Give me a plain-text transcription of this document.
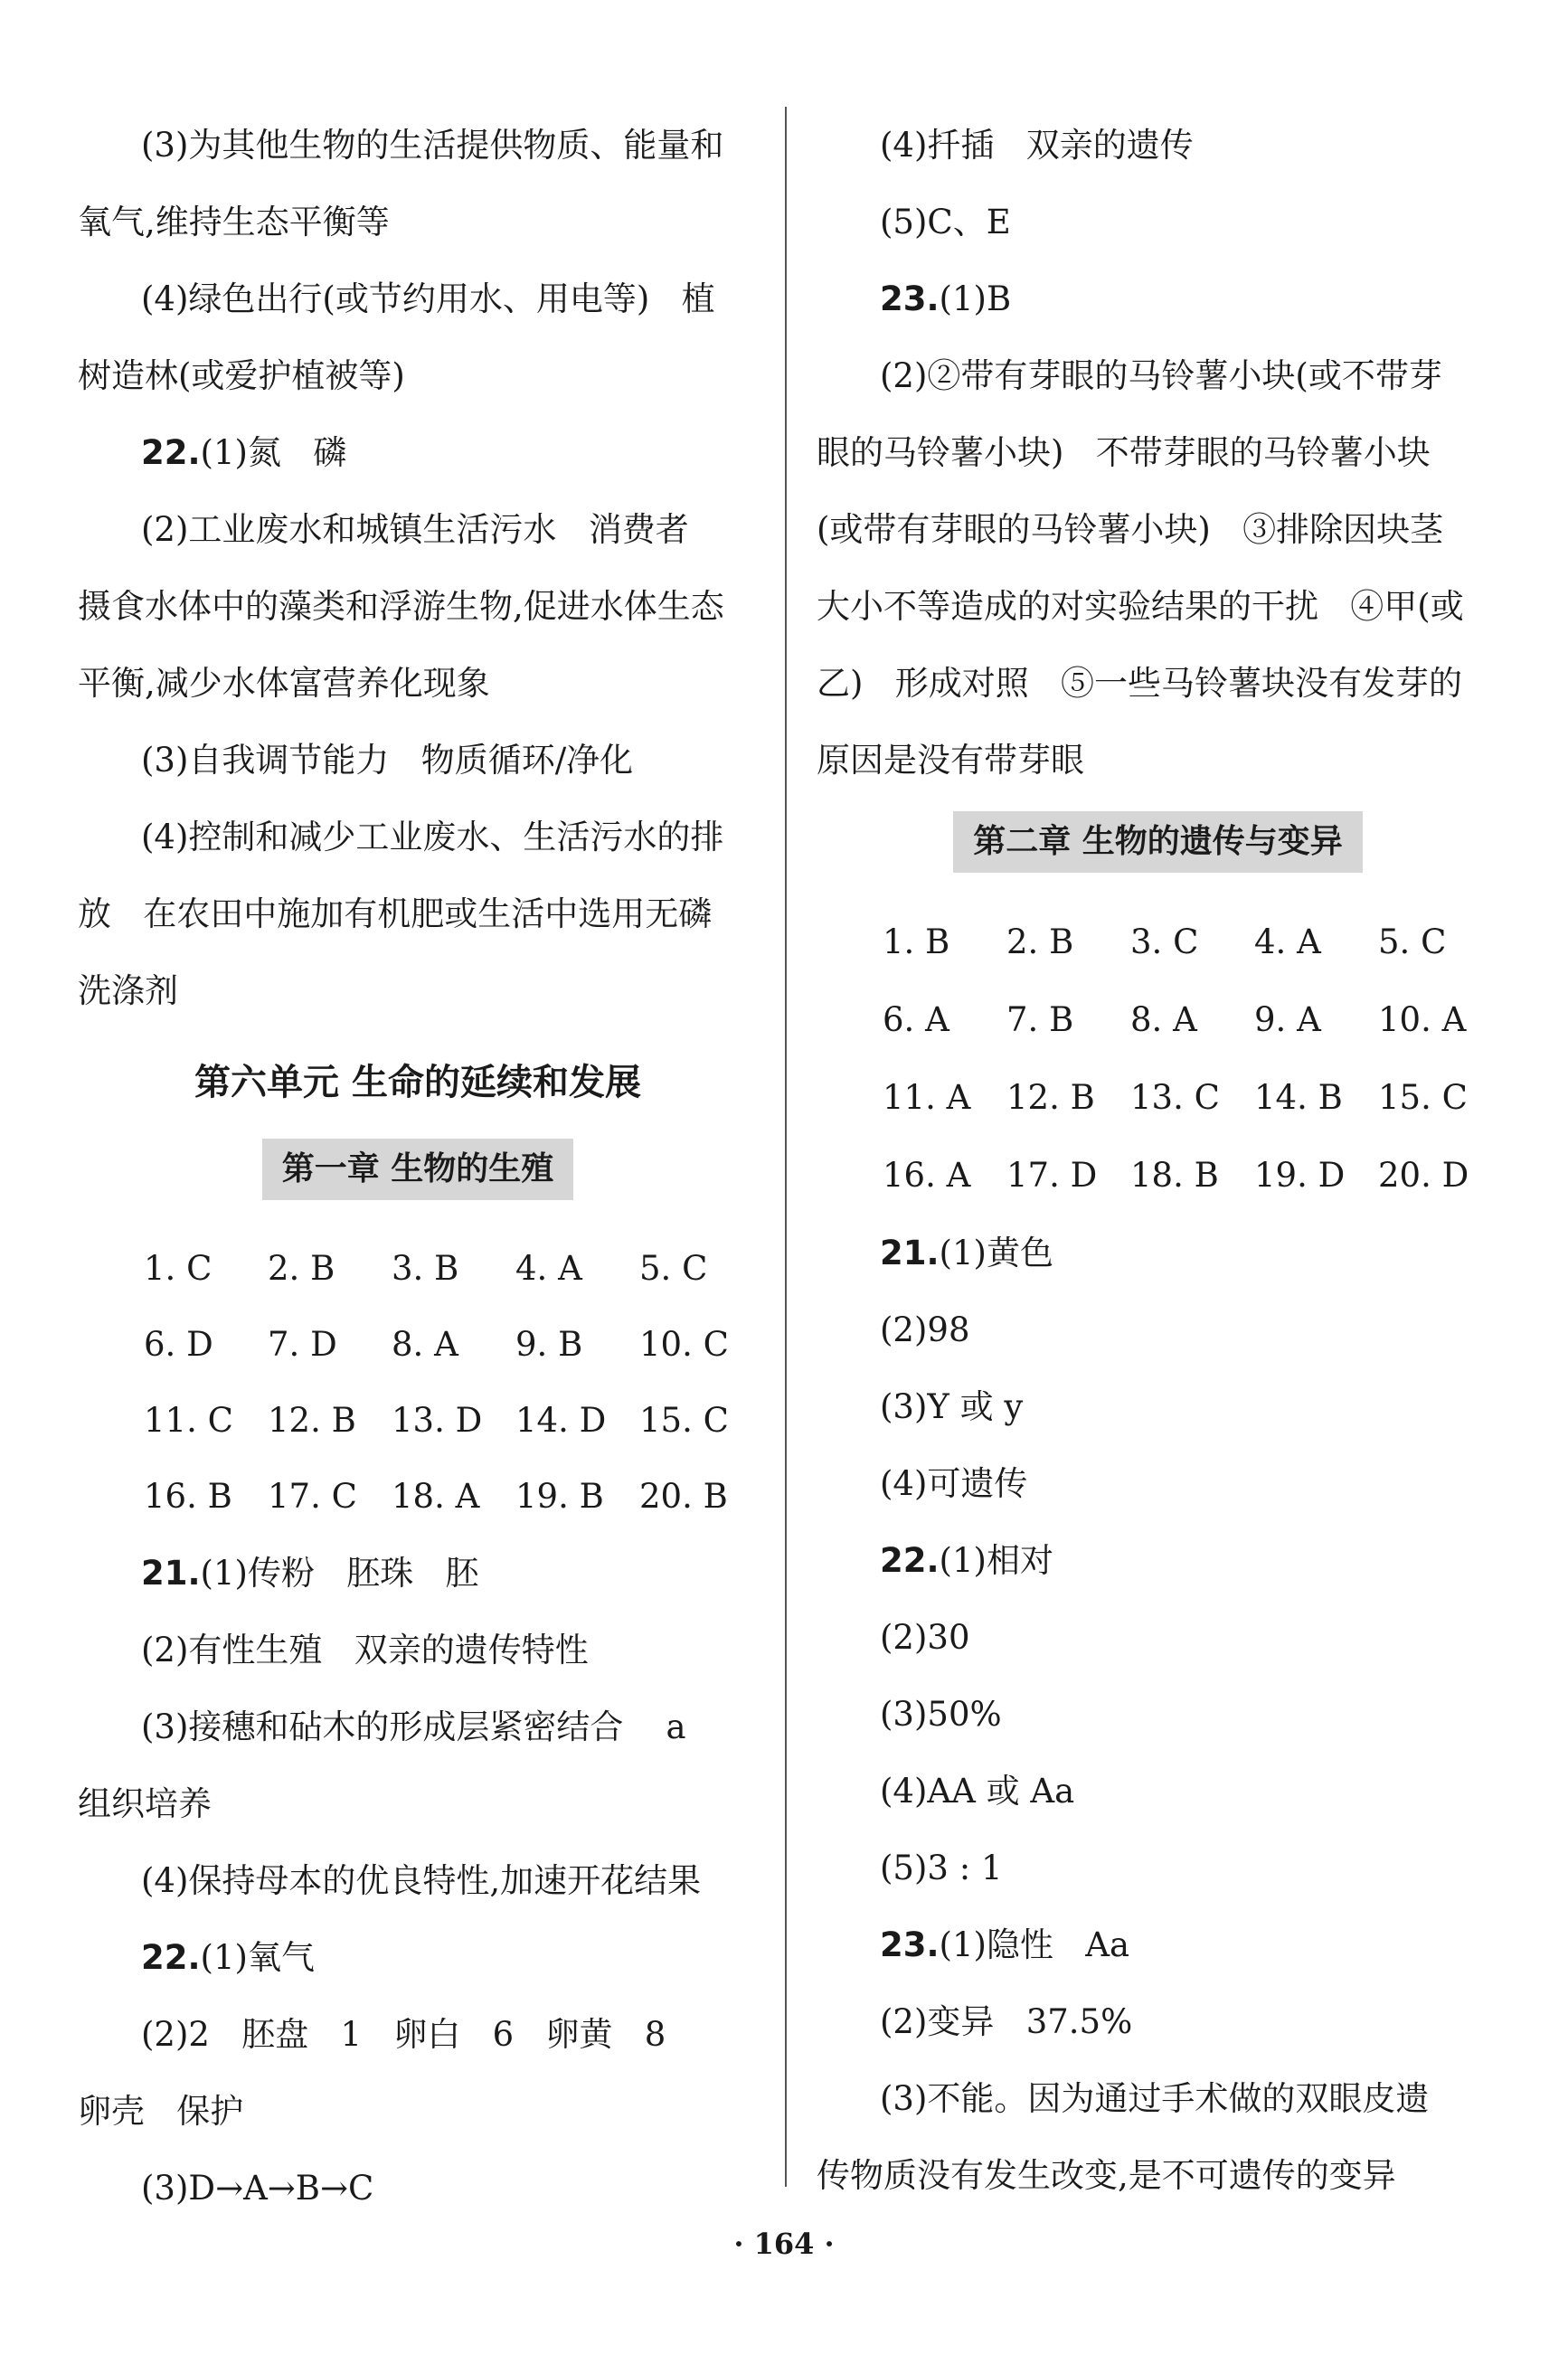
(3)为其他生物的生活提供物质、能量和
氧气,维持生态平衡等
(4)绿色出行(或节约用水、用电等)   植
树造林(或爱护植被等)
22.(1)氮   磷
(2)工业废水和城镇生活污水   消费者
摄食水体中的藻类和浮游生物,促进水体生态
平衡,减少水体富营养化现象
(3)自我调节能力   物质循环/净化
(4)控制和减少工业废水、生活污水的排
放   在农田中施加有机肥或生活中选用无磷
洗涤剂
第六单元 生命的延续和发展
第一章 生物的生殖
1. C	2. B	3. B	4. A	5. C
6. D	7. D	8. A	9. B	10. C
11. C	12. B	13. D 14. D 15. C
16. B	17. C	18. A	19. B	20. B
21.(1)传粉   胚珠   胚
(2)有性生殖   双亲的遗传特性
(3)接穗和砧木的形成层紧密结合    a
组织培养
(4)保持母本的优良特性,加速开花结果
22.(1)氧气
(2)2   胚盘   1   卵白   6   卵黄   8
卵壳   保护
(3)D→A→B→C
(4)扦插   双亲的遗传
(5)C、E
23.(1)B
(2)②带有芽眼的马铃薯小块(或不带芽
眼的马铃薯小块)   不带芽眼的马铃薯小块
(或带有芽眼的马铃薯小块)   ③排除因块茎
大小不等造成的对实验结果的干扰   ④甲(或
乙)   形成对照   ⑤一些马铃薯块没有发芽的
原因是没有带芽眼
第二章 生物的遗传与变异
1. B	2. B	3. C	4. A	5. C
6. A	7. B	8. A	9. A	10. A
11. A	12. B	13. C	14. B	15. C
16. A	17. D 18. B	19. D 20. D
21.(1)黄色
(2)98
(3)Y 或 y
(4)可遗传
22.(1)相对
(2)30
(3)50%
(4)AA 或 Aa
(5)3 : 1
23.(1)隐性   Aa
(2)变异   37.5%
(3)不能。因为通过手术做的双眼皮遗
传物质没有发生改变,是不可遗传的变异
· 164 ·
